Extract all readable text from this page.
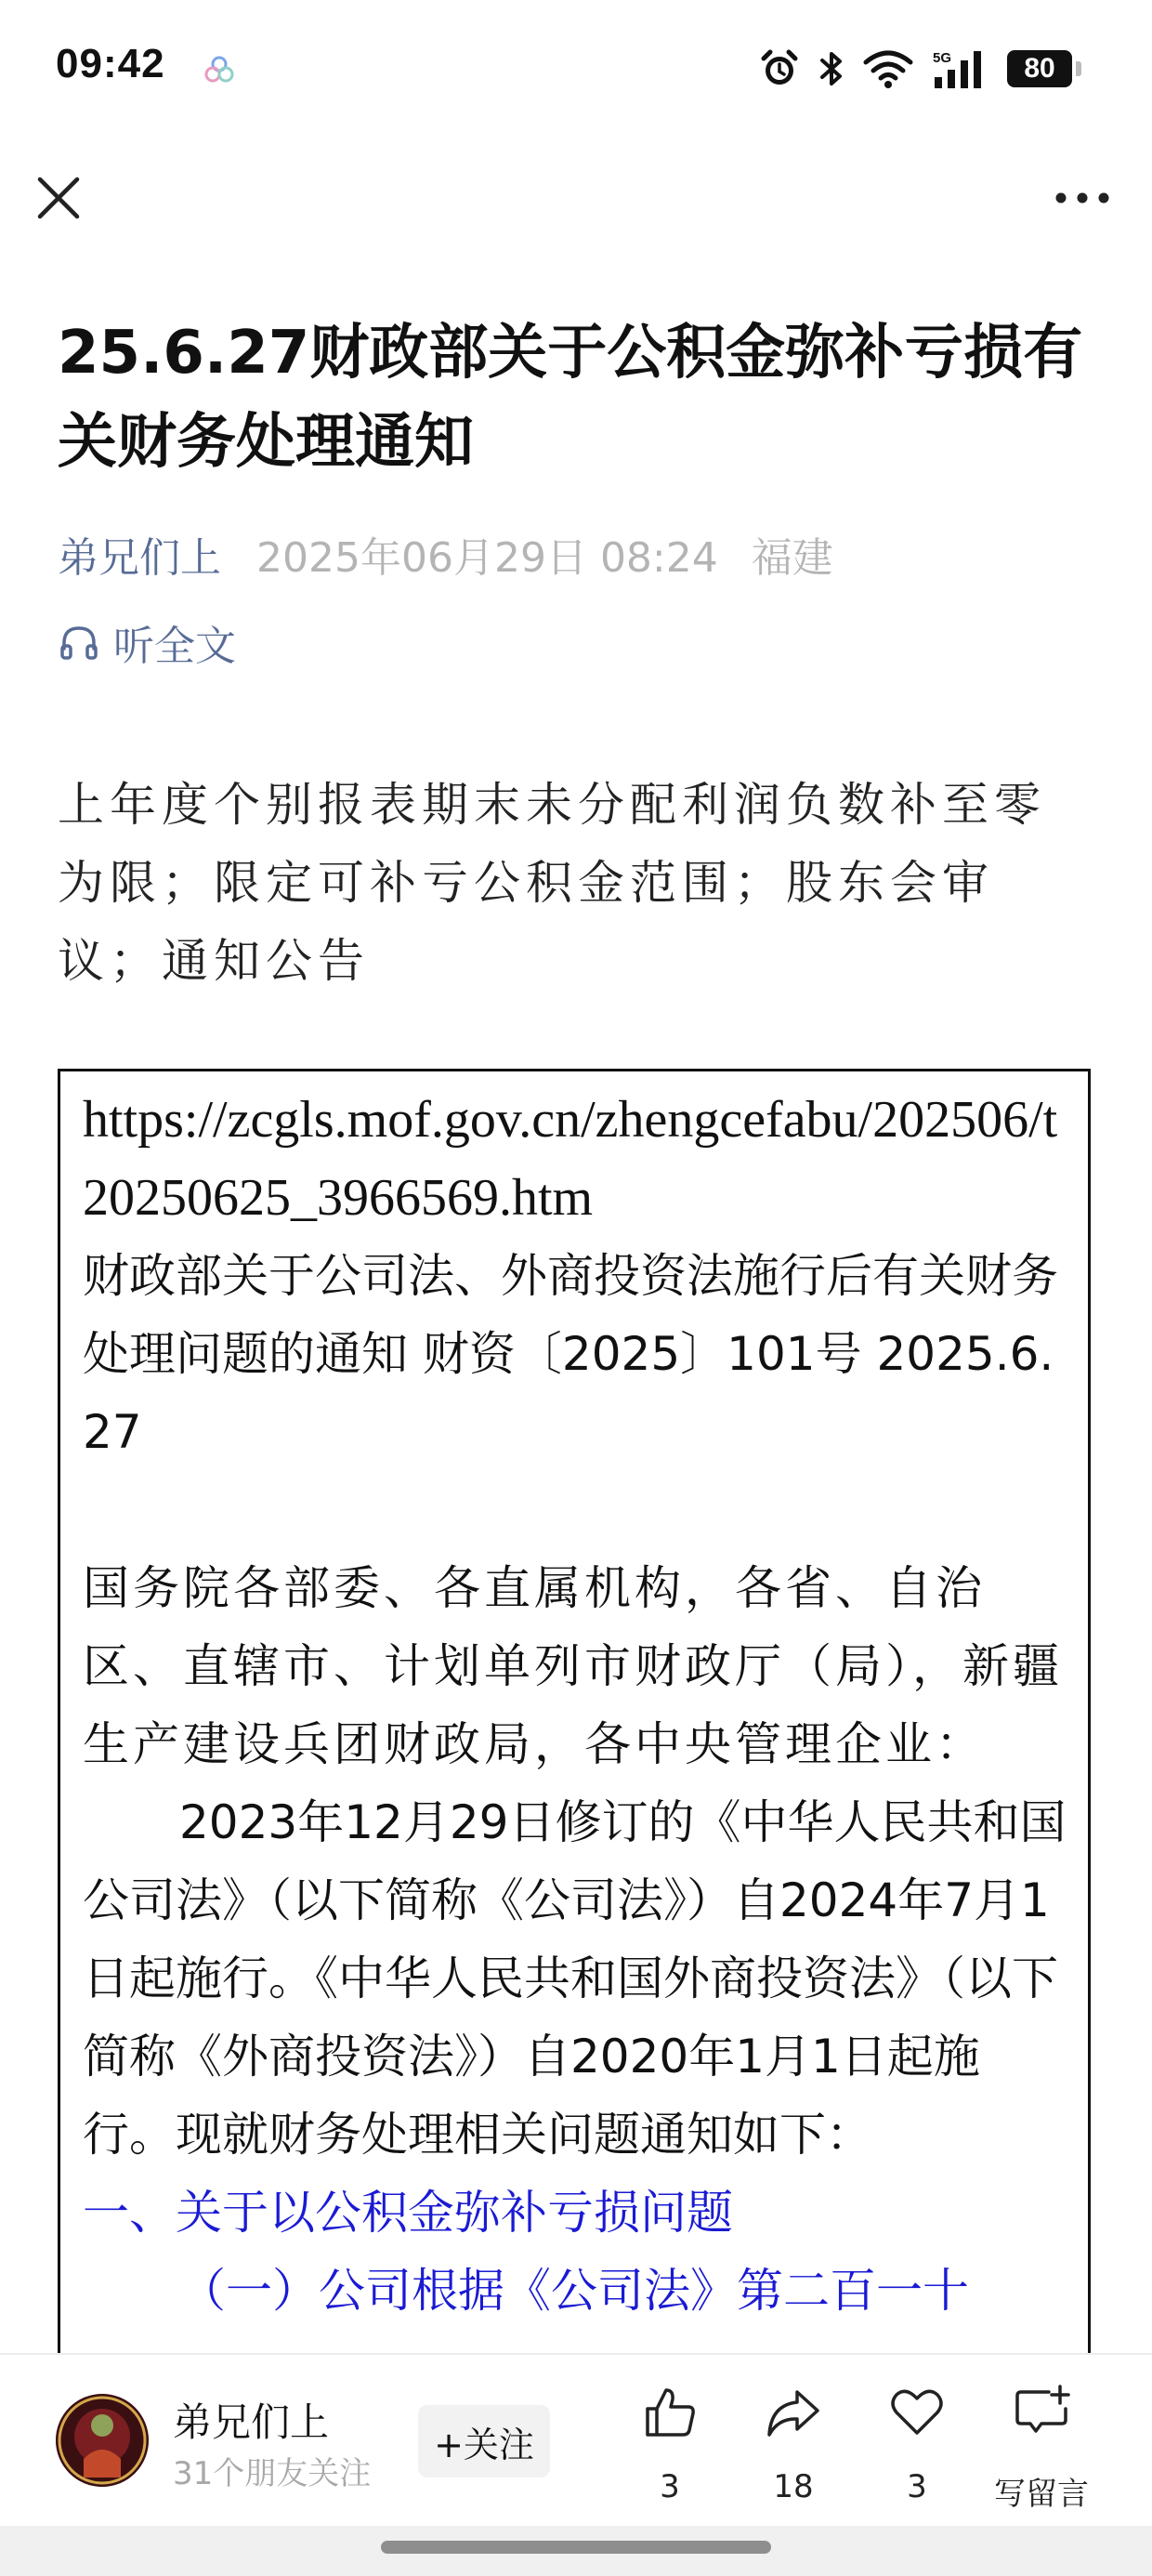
09:42	5G	80
25.6.27财政部关于公积金弥补亏损有关财务处理通知
弟兄们上 2025年06月29日 08:24 福建
听全文

上年度个别报表期末未分配利润负数补至零为限；限定可补亏公积金范围；股东会审议；通知公告

https://zcgls.mof.gov.cn/zhengcefabu/202506/t20250625_3966569.htm

财政部关于公司法、外商投资法施行后有关财务处理问题的通知 财资〔2025〕101号 2025.6.27

国务院各部委、各直属机构，各省、自治区、直辖市、计划单列市财政厅（局），新疆生产建设兵团财政局，各中央管理企业：

2023年12月29日修订的《中华人民共和国公司法》（以下简称《公司法》）自2024年7月1日起施行。《中华人民共和国外商投资法》（以下简称《外商投资法》）自2020年1月1日起施行。现就财务处理相关问题通知如下：

一、关于以公积金弥补亏损问题

（一）公司根据《公司法》第二百一十

弟兄们上
31个朋友关注
+关注
3	18	3	写留言
